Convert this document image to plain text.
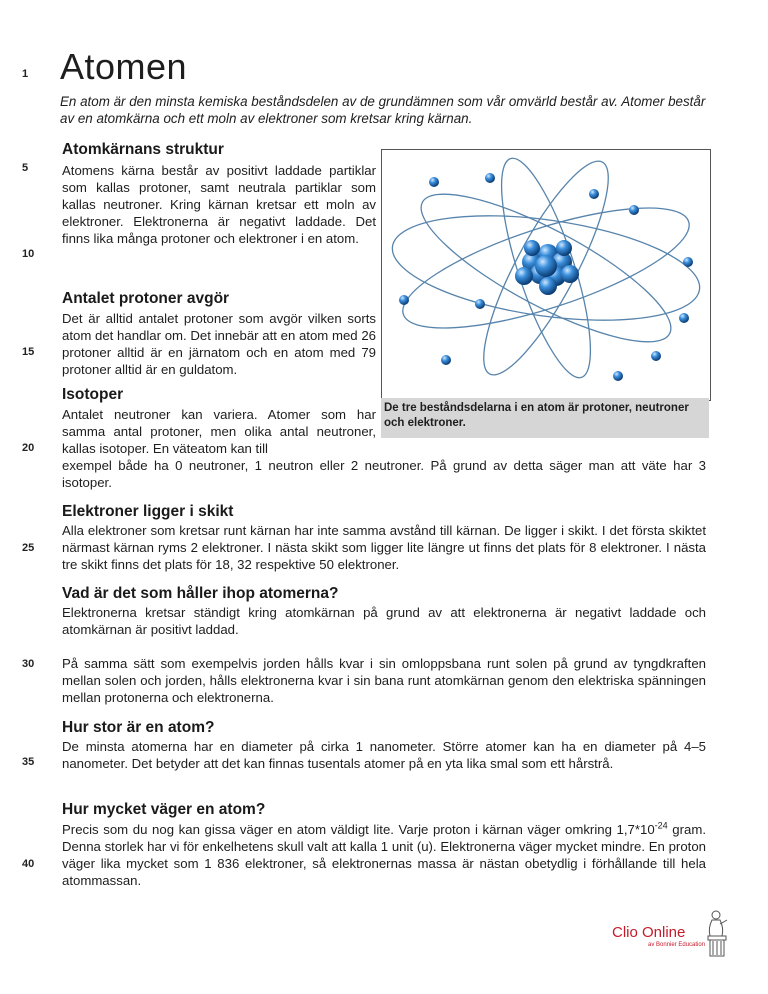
1
5
10
15
20
25
30
35
40
Atomen

En atom är den minsta kemiska beståndsdelen av de grundämnen som vår omvärld består av. Atomer består av en atomkärna och ett moln av elektroner som kretsar kring kärnan.

Atomkärnans struktur

Atomens kärna består av positivt laddade partiklar som kallas protoner, samt neutrala partiklar som kallas neutroner. Kring kärnan kretsar ett moln av elektroner. Elektronerna är negativt laddade. Det finns lika många protoner och elektroner i en atom.

Antalet protoner avgör

Det är alltid antalet protoner som avgör vilken sorts atom det handlar om. Det innebär att en atom med 26 protoner alltid är en järnatom och en atom med 79 protoner alltid är en guldatom.

Isotoper

Antalet neutroner kan variera. Atomer som har samma antal protoner, men olika antal neutroner, kallas isotoper. En väteatom kan till

exempel både ha 0 neutroner, 1 neutron eller 2 neutroner. På grund av detta säger man att väte har 3 isotoper.

De tre beståndsdelarna i en atom är protoner, neutroner och elektroner.

Elektroner ligger i skikt

Alla elektroner som kretsar runt kärnan har inte samma avstånd till kärnan. De ligger i skikt. I det första skiktet närmast kärnan ryms 2 elektroner. I nästa skikt som ligger lite längre ut finns det plats för 8 elektroner. I nästa tre skikt finns det plats för 18, 32 respektive 50 elektroner.

Vad är det som håller ihop atomerna?

Elektronerna kretsar ständigt kring atomkärnan på grund av att elektronerna är negativt laddade och atomkärnan är positivt laddad.

På samma sätt som exempelvis jorden hålls kvar i sin omloppsbana runt solen på grund av tyngdkraften mellan solen och jorden, hålls elektronerna kvar i sin bana runt atomkärnan genom den elektriska spänningen mellan protonerna och elektronerna.

Hur stor är en atom?

De minsta atomerna har en diameter på cirka 1 nanometer. Större atomer kan ha en diameter på 4–5 nanometer. Det betyder att det kan finnas tusentals atomer på en yta lika smal som ett hårstrå.

Hur mycket väger en atom?

Precis som du nog kan gissa väger en atom väldigt lite. Varje proton i kärnan väger omkring $1,7*10^{-24}$ gram. Denna storlek har vi för enkelhetens skull valt att kalla 1 unit (u). Elektronerna väger mycket mindre. En proton väger lika mycket som 1 836 elektroner, så elektronernas massa är nästan obetydlig i förhållande till hela atommassan.

Clio Online
av Bonnier Education
